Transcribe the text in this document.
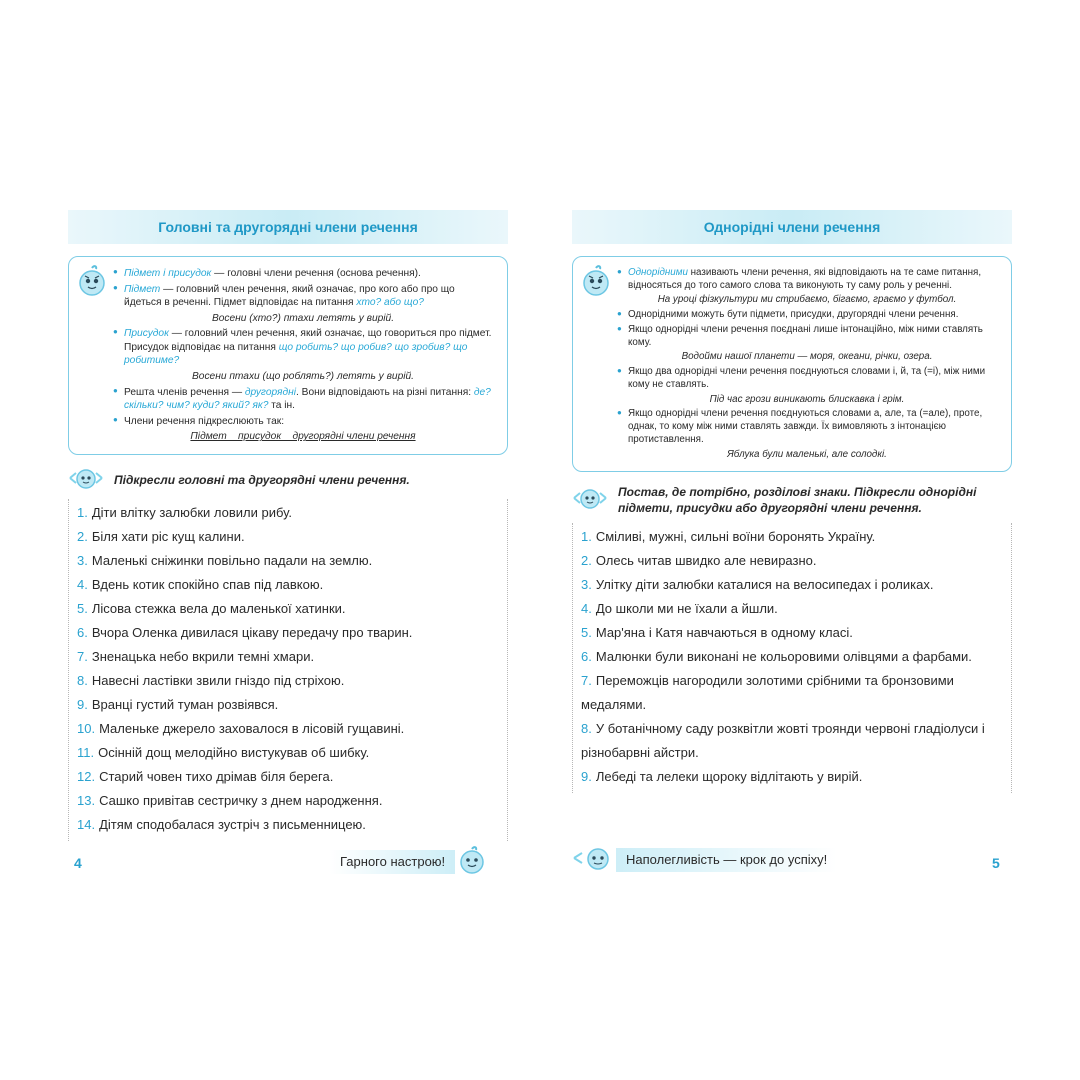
Головні та другорядні члени речення
● Підмет і присудок — головні члени речення (основа речення).
● Підмет — головний член речення, який означає, про кого або про що йдеться в реченні. Підмет відповідає на питання хто? або що?
Восени (хто?) птахи летять у вирій.
● Присудок — головний член речення, який означає, що говориться про підмет. Присудок відповідає на питання що робить? що робив? що зробив? що робитиме?
Восени птахи (що роблять?) летять у вирій.
● Решта членів речення — другорядні. Вони відповідають на різні питання: де? скільки? чим? куди? який? як? та ін.
● Члени речення підкреслюють так:
Підмет    присудок    другорядні члени речення
Підкресли головні та другорядні члени речення.
1. Діти влітку залюбки ловили рибу.
2. Біля хати ріс кущ калини.
3. Маленькі сніжинки повільно падали на землю.
4. Вдень котик спокійно спав під лавкою.
5. Лісова стежка вела до маленької хатинки.
6. Вчора Оленка дивилася цікаву передачу про тварин.
7. Зненацька небо вкрили темні хмари.
8. Навесні ластівки звили гніздо під стріхою.
9. Вранці густий туман розвіявся.
10. Маленьке джерело заховалося в лісовій гущавині.
11. Осінній дощ мелодійно вистукував об шибку.
12. Старий човен тихо дрімав біля берега.
13. Сашко привітав сестричку з днем народження.
14. Дітям сподобалася зустріч з письменницею.
4	Гарного настрою!
Однорідні члени речення
● Однорідними називають члени речення, які відповідають на те саме питання, відносяться до того самого слова та виконують ту саму роль у реченні.
На уроці фізкультури ми стрибаємо, бігаємо, граємо у футбол.
● Однорідними можуть бути підмети, присудки, другорядні члени речення.
● Якщо однорідні члени речення поєднані лише інтонаційно, між ними ставлять кому.
Водойми нашої планети — моря, океани, річки, озера.
● Якщо два однорідні члени речення поєднуються словами і, й, та (=і), між ними кому не ставлять.
Під час грози виникають блискавка і грім.
● Якщо однорідні члени речення поєднуються словами а, але, та (=але), проте, однак, то кому між ними ставлять завжди. Їх вимовляють з інтонацією протиставлення.
Яблука були маленькі, але солодкі.
Постав, де потрібно, розділові знаки. Підкресли однорідні підмети, присудки або другорядні члени речення.
1. Сміливі, мужні, сильні воїни боронять Україну.
2. Олесь читав швидко але невиразно.
3. Улітку діти залюбки каталися на велосипедах і роликах.
4. До школи ми не їхали а йшли.
5. Мар'яна і Катя навчаються в одному класі.
6. Малюнки були виконані не кольоровими олівцями а фарбами.
7. Переможців нагородили золотими срібними та бронзовими медалями.
8. У ботанічному саду розквітли жовті троянди червоні гладіолуси і різнобарвні айстри.
9. Лебеді та лелеки щороку відлітають у вирій.
Наполегливість — крок до успіху!	5
